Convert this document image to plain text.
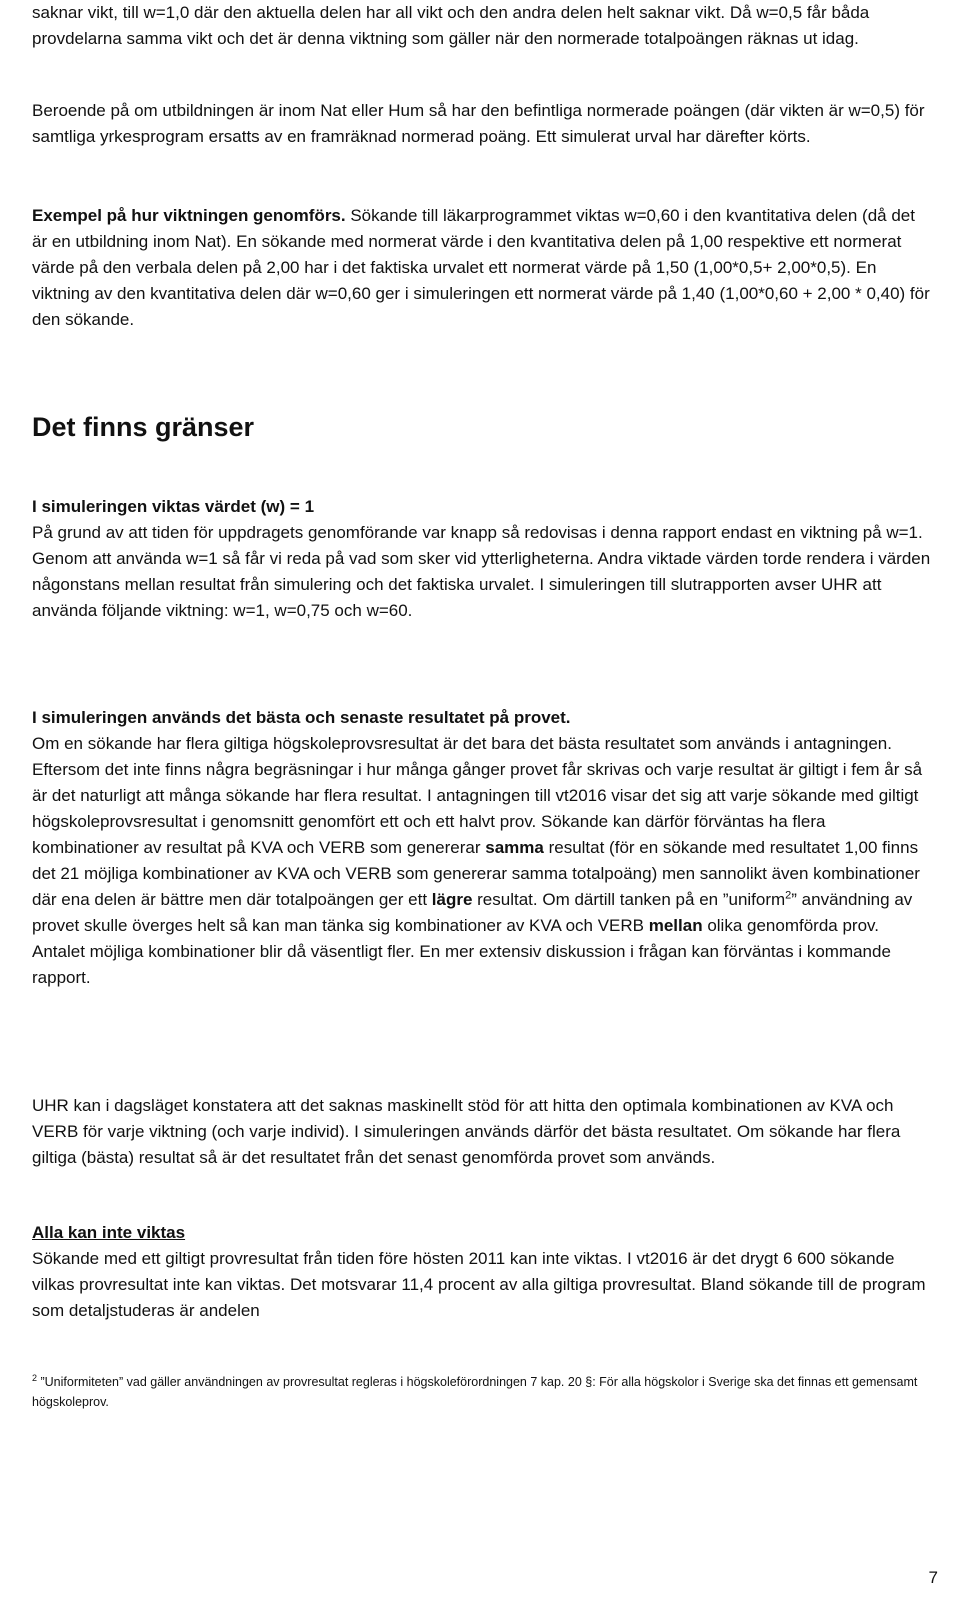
saknar vikt, till w=1,0 där den aktuella delen har all vikt och den andra delen helt saknar vikt. Då w=0,5 får båda provdelarna samma vikt och det är denna viktning som gäller när den normerade totalpoängen räknas ut idag.

Beroende på om utbildningen är inom Nat eller Hum så har den befintliga normerade poängen (där vikten är w=0,5) för samtliga yrkesprogram ersatts av en framräknad normerad poäng. Ett simulerat urval har därefter körts.

Exempel på hur viktningen genomförs. Sökande till läkarprogrammet viktas w=0,60 i den kvantitativa delen (då det är en utbildning inom Nat). En sökande med normerat värde i den kvantitativa delen på 1,00 respektive ett normerat värde på den verbala delen på 2,00 har i det faktiska urvalet ett normerat värde på 1,50 (1,00*0,5+ 2,00*0,5). En viktning av den kvantitativa delen där w=0,60 ger i simuleringen ett normerat värde på 1,40 (1,00*0,60 + 2,00 * 0,40) för den sökande.

Det finns gränser

I simuleringen viktas värdet (w) = 1

På grund av att tiden för uppdragets genomförande var knapp så redovisas i denna rapport endast en viktning på w=1. Genom att använda w=1 så får vi reda på vad som sker vid ytterligheterna. Andra viktade värden torde rendera i värden någonstans mellan resultat från simulering och det faktiska urvalet. I simuleringen till slutrapporten avser UHR att använda följande viktning: w=1, w=0,75 och w=60.

I simuleringen används det bästa och senaste resultatet på provet.

Om en sökande har flera giltiga högskoleprovsresultat är det bara det bästa resultatet som används i antagningen. Eftersom det inte finns några begräsningar i hur många gånger provet får skrivas och varje resultat är giltigt i fem år så är det naturligt att många sökande har flera resultat. I antagningen till vt2016 visar det sig att varje sökande med giltigt högskoleprovsresultat i genomsnitt genomfört ett och ett halvt prov. Sökande kan därför förväntas ha flera kombinationer av resultat på KVA och VERB som genererar samma resultat (för en sökande med resultatet 1,00 finns det 21 möjliga kombinationer av KVA och VERB som genererar samma totalpoäng) men sannolikt även kombinationer där ena delen är bättre men där totalpoängen ger ett lägre resultat. Om därtill tanken på en ”uniform$^2$” användning av provet skulle överges helt så kan man tänka sig kombinationer av KVA och VERB mellan olika genomförda prov. Antalet möjliga kombinationer blir då väsentligt fler. En mer extensiv diskussion i frågan kan förväntas i kommande rapport.

UHR kan i dagsläget konstatera att det saknas maskinellt stöd för att hitta den optimala kombinationen av KVA och VERB för varje viktning (och varje individ). I simuleringen används därför det bästa resultatet. Om sökande har flera giltiga (bästa) resultat så är det resultatet från det senast genomförda provet som används.

Alla kan inte viktas

Sökande med ett giltigt provresultat från tiden före hösten 2011 kan inte viktas. I vt2016 är det drygt 6 600 sökande vilkas provresultat inte kan viktas. Det motsvarar 11,4 procent av alla giltiga provresultat. Bland sökande till de program som detaljstuderas är andelen

$^2$ ”Uniformiteten” vad gäller användningen av provresultat regleras i högskoleförordningen 7 kap. 20 §: För alla högskolor i Sverige ska det finnas ett gemensamt högskoleprov.

7
